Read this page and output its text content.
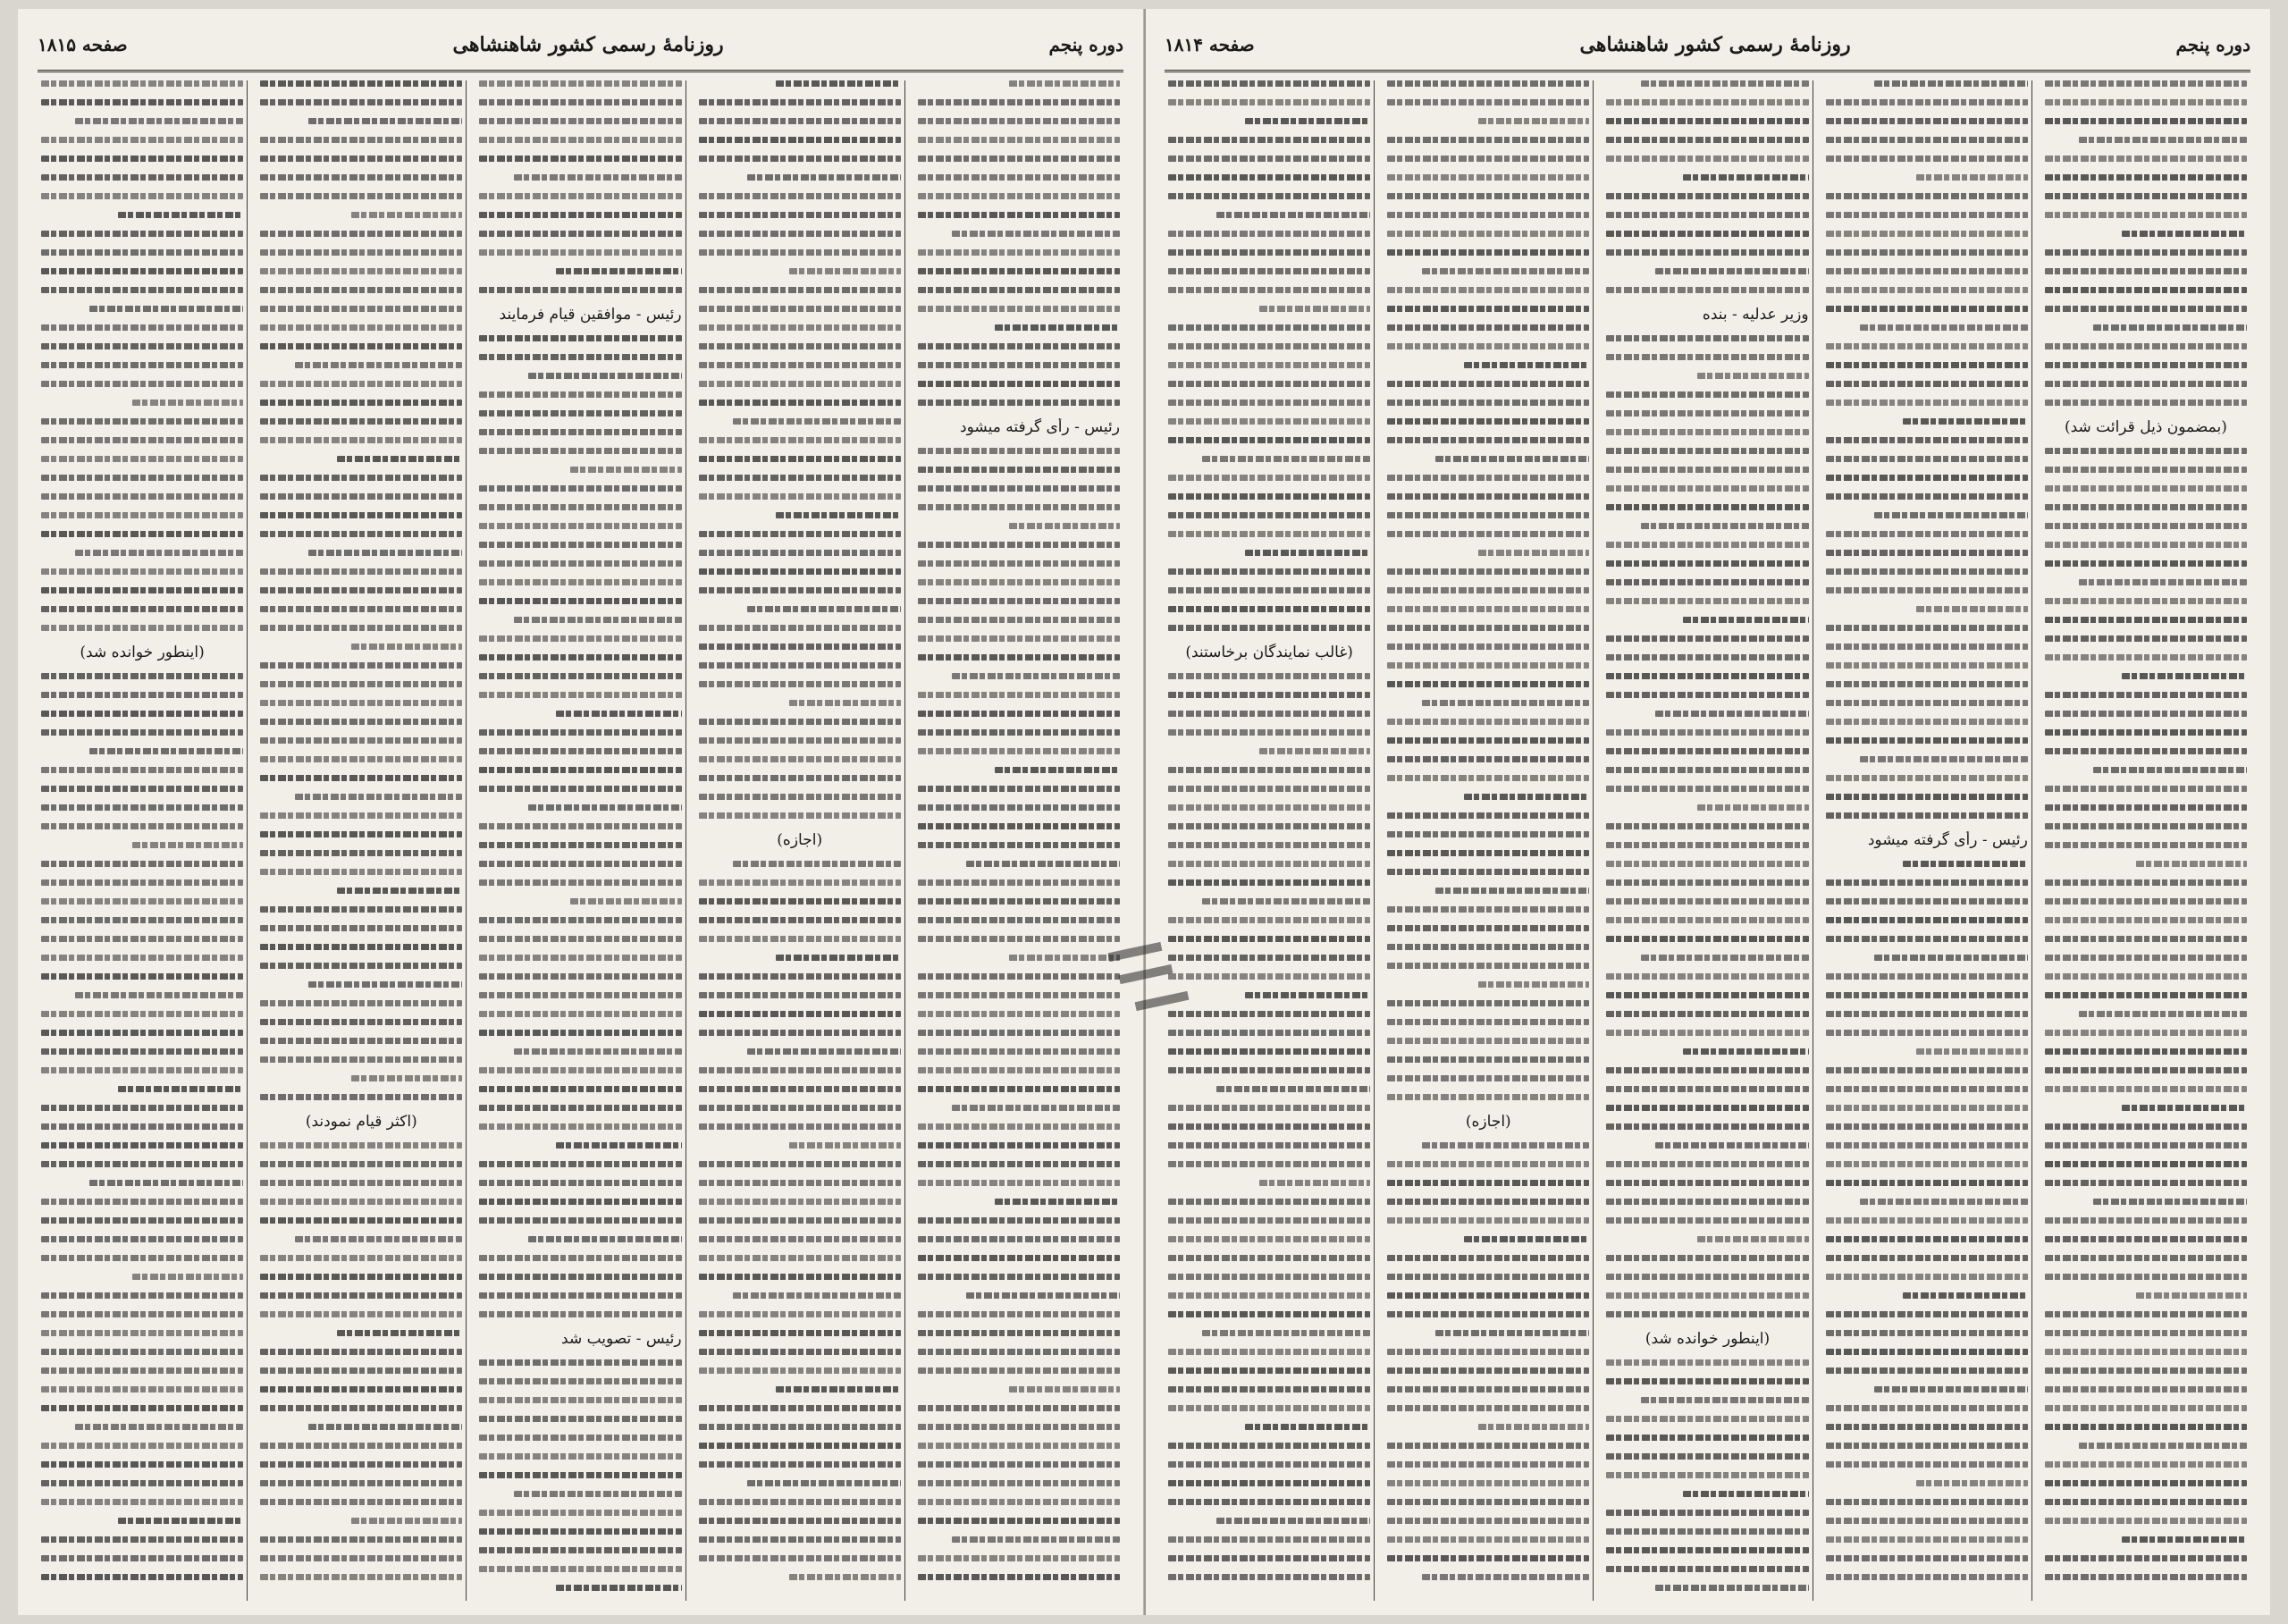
دوره پنجم
روزنامهٔ رسمی کشور شاهنشاهی
صفحه ۱۸۱۵
رئیس - رأی گرفته میشود
(اجازه)
رئیس - موافقین قیام فرمایند
رئیس - تصویب شد
(اکثر قیام نمودند)
(اینطور خوانده شد)
دوره پنجم
روزنامهٔ رسمی کشور شاهنشاهی
صفحه ۱۸۱۴
(بمضمون ذیل قرائت شد)
رئیس - رأی گرفته میشود
وزیر عدلیه - بنده
(اینطور خوانده شد)
(اجازه)
(غالب نمایندگان برخاستند)
